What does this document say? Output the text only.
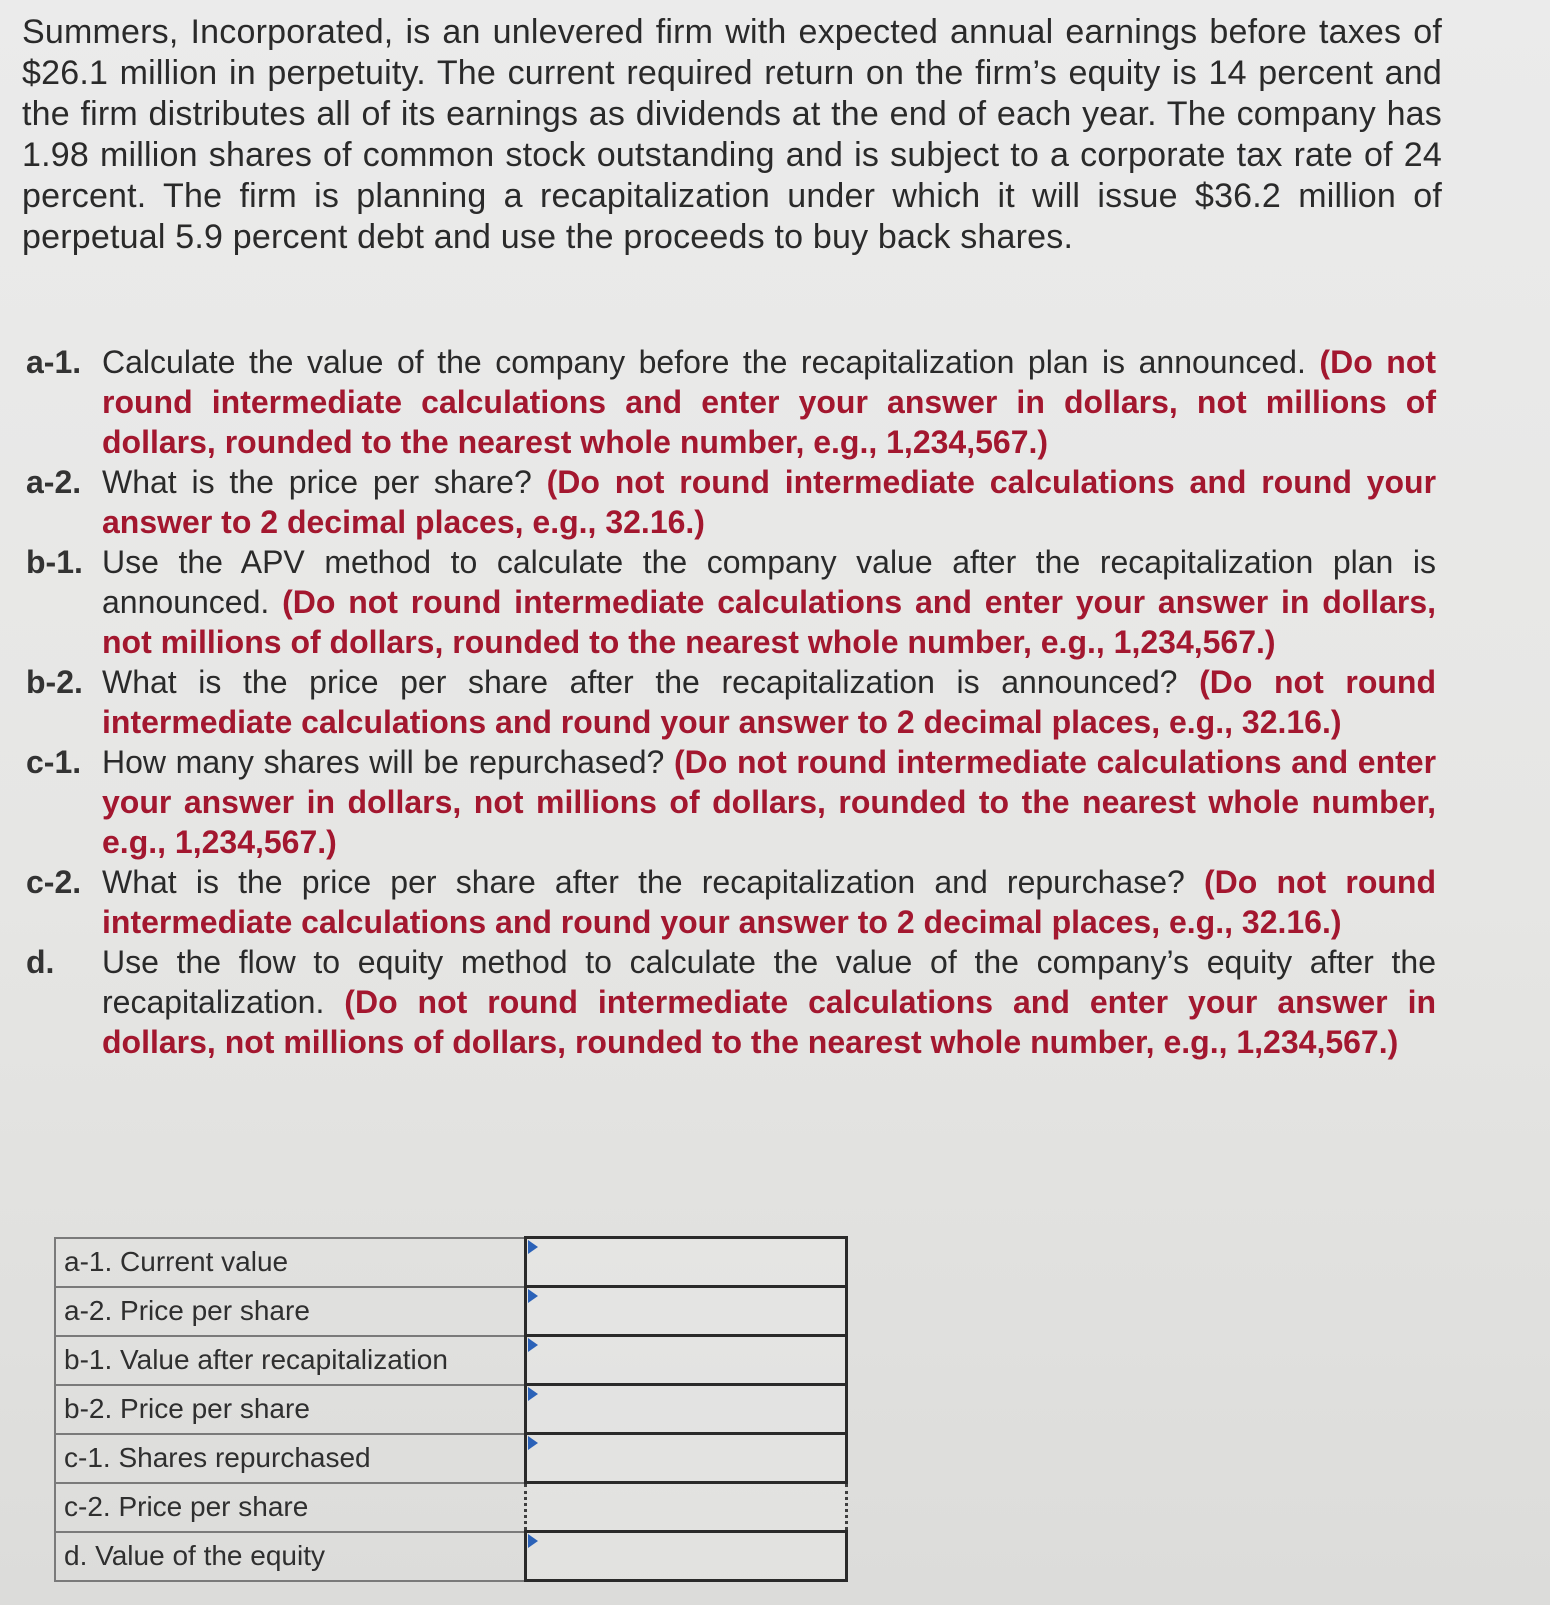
Summers, Incorporated, is an unlevered firm with expected annual earnings before taxes of $26.1 million in perpetuity. The current required return on the firm’s equity is 14 percent and the firm distributes all of its earnings as dividends at the end of each year. The company has 1.98 million shares of common stock outstanding and is subject to a corporate tax rate of 24 percent. The firm is planning a recapitalization under which it will issue $36.2 million of perpetual 5.9 percent debt and use the proceeds to buy back shares.
a-1. Calculate the value of the company before the recapitalization plan is announced. (Do not round intermediate calculations and enter your answer in dollars, not millions of dollars, rounded to the nearest whole number, e.g., 1,234,567.)
a-2. What is the price per share? (Do not round intermediate calculations and round your answer to 2 decimal places, e.g., 32.16.)
b-1. Use the APV method to calculate the company value after the recapitalization plan is announced. (Do not round intermediate calculations and enter your answer in dollars, not millions of dollars, rounded to the nearest whole number, e.g., 1,234,567.)
b-2. What is the price per share after the recapitalization is announced? (Do not round intermediate calculations and round your answer to 2 decimal places, e.g., 32.16.)
c-1. How many shares will be repurchased? (Do not round intermediate calculations and enter your answer in dollars, not millions of dollars, rounded to the nearest whole number, e.g., 1,234,567.)
c-2. What is the price per share after the recapitalization and repurchase? (Do not round intermediate calculations and round your answer to 2 decimal places, e.g., 32.16.)
d.	Use the flow to equity method to calculate the value of the company’s equity after the recapitalization. (Do not round intermediate calculations and enter your answer in dollars, not millions of dollars, rounded to the nearest whole number, e.g., 1,234,567.)
a-1. Current value	

a-2. Price per share	

b-1. Value after recapitalization	

b-2. Price per share	

c-1. Shares repurchased	

c-2. Price per share	
d. Value of the equity	
